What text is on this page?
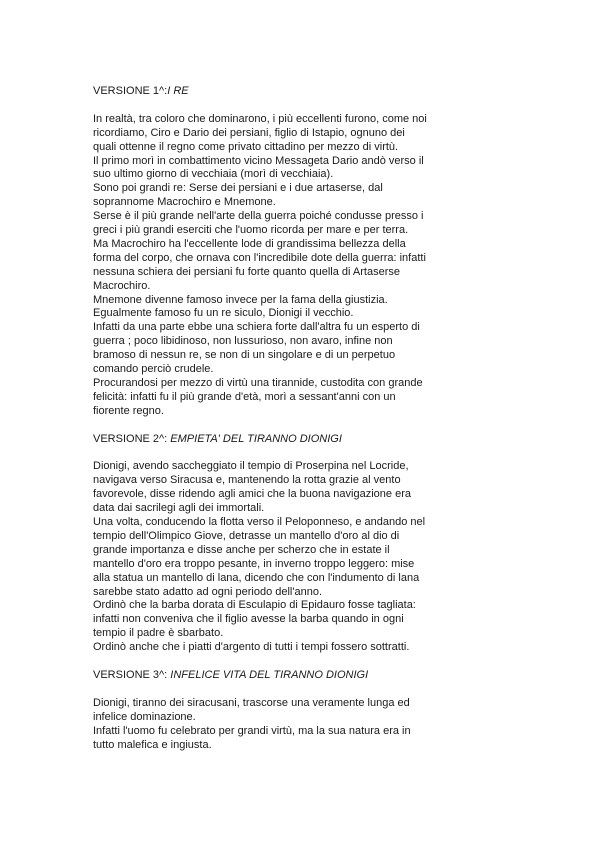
VERSIONE 1^:I RE

In realtà, tra coloro che dominarono, i più eccellenti furono, come noi
ricordiamo, Ciro e Dario dei persiani, figlio di Istapio, ognuno dei
quali ottenne il regno come privato cittadino per mezzo di virtù.

Il primo morì in combattimento vicino Messageta Dario andò verso il
suo ultimo giorno di vecchiaia (morì di vecchiaia).

Sono poi grandi re: Serse dei persiani e i due artaserse, dal
soprannome Macrochiro e Mnemone.

Serse è il più grande nell'arte della guerra poiché condusse presso i
greci i più grandi eserciti che l'uomo ricorda per mare e per terra.

Ma Macrochiro ha l'eccellente lode di grandissima bellezza della
forma del corpo, che ornava con l'incredibile dote della guerra: infatti
nessuna schiera dei persiani fu forte quanto quella di Artaserse
Macrochiro.

Mnemone divenne famoso invece per la fama della giustizia.

Egualmente famoso fu un re siculo, Dionigi il vecchio.

Infatti da una parte ebbe una schiera forte dall'altra fu un esperto di
guerra ; poco libidinoso, non lussurioso, non avaro, infine non
bramoso di nessun re, se non di un singolare e di un perpetuo
comando perciò crudele.

Procurandosi per mezzo di virtù una tirannide, custodita con grande
felicità: infatti fu il più grande d'età, morì a sessant'anni con un
fiorente regno.

VERSIONE 2^: EMPIETA' DEL TIRANNO DIONIGI

Dionigi, avendo saccheggiato il tempio di Proserpina nel Locride,
navigava verso Siracusa e, mantenendo la rotta grazie al vento
favorevole, disse ridendo agli amici che la buona navigazione era
data dai sacrilegi agli dei immortali.

Una volta, conducendo la flotta verso il Peloponneso, e andando nel
tempio dell'Olimpico Giove, detrasse un mantello d'oro al dio di
grande importanza e disse anche per scherzo che in estate il
mantello d'oro era troppo pesante, in inverno troppo leggero: mise
alla statua un mantello di lana, dicendo che con l'indumento di lana
sarebbe stato adatto ad ogni periodo dell'anno.

Ordinò che la barba dorata di Esculapio di Epidauro fosse tagliata:
infatti non conveniva che il figlio avesse la barba quando in ogni
tempio il padre è sbarbato.

Ordinò anche che i piatti d'argento di tutti i tempi fossero sottratti.

VERSIONE 3^: INFELICE VITA DEL TIRANNO DIONIGI

Dionigi, tiranno dei siracusani, trascorse una veramente lunga ed
infelice dominazione.

Infatti l'uomo fu celebrato per grandi virtù, ma la sua natura era in
tutto malefica e ingiusta.
